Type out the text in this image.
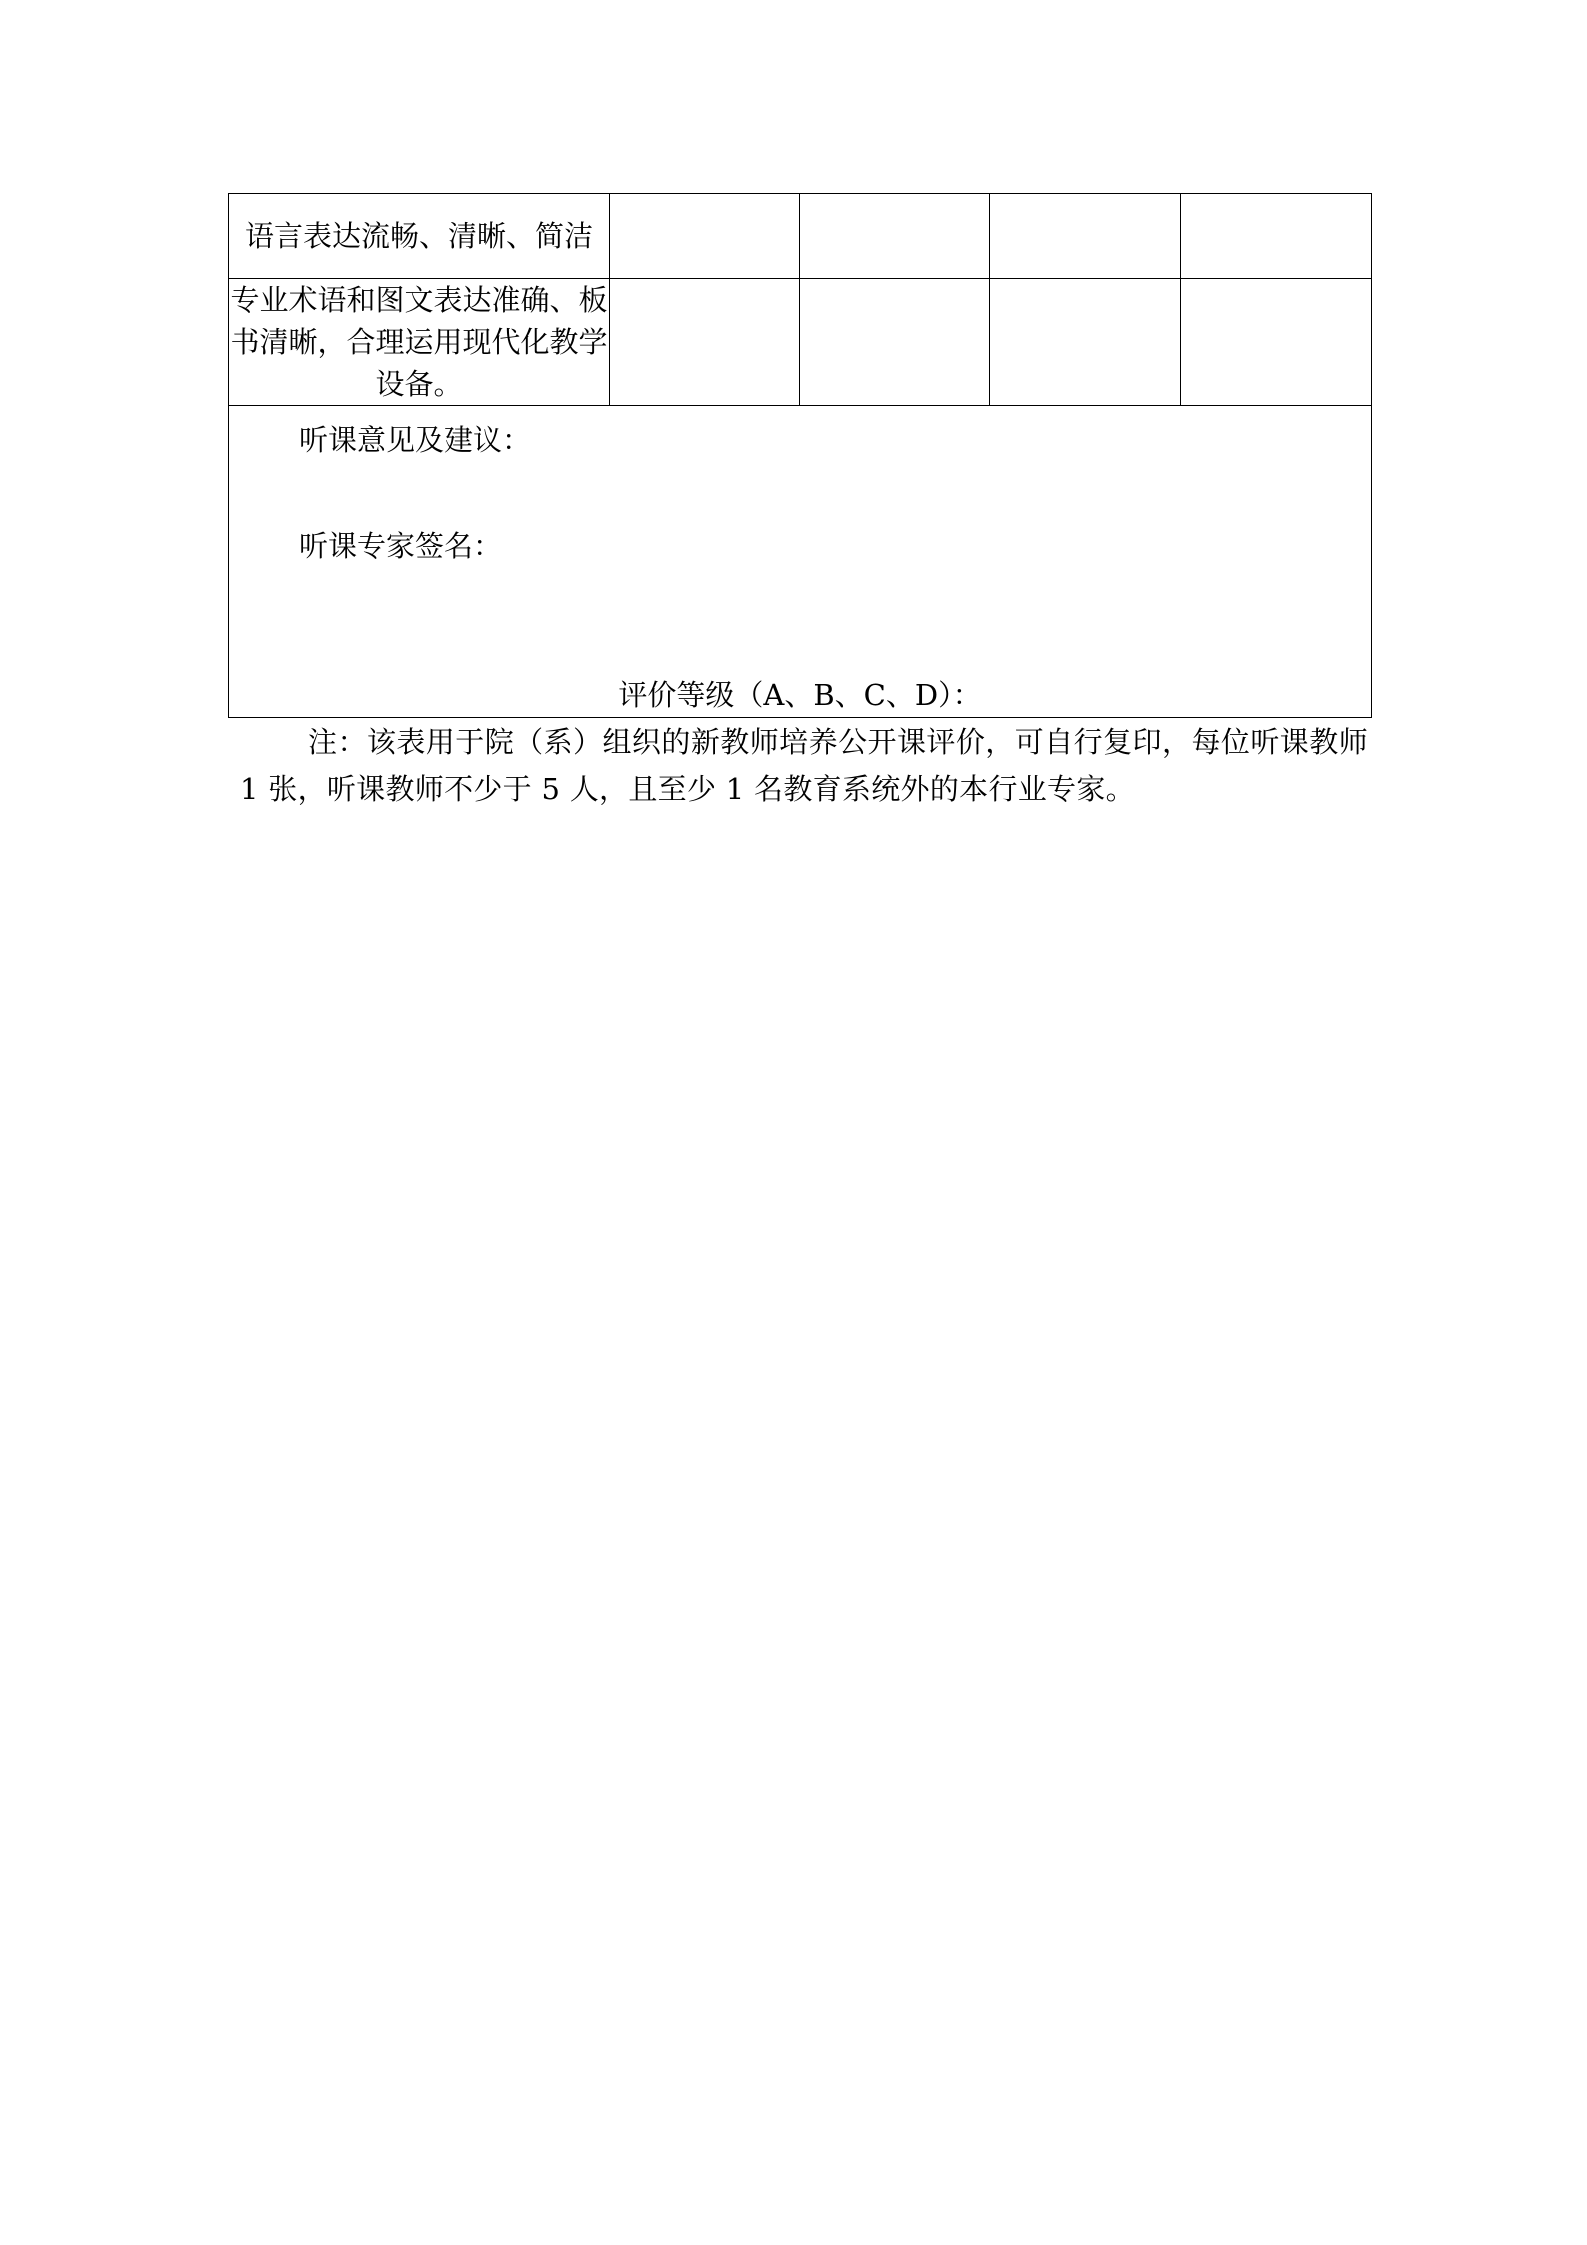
语言表达流畅、清晰、简洁				
专业术语和图文表达准确、板书清晰，合理运用现代化教学设备。				

听课意见及建议：
听课专家签名：
评价等级（A、B、C、D）：				
注：该表用于院（系）组织的新教师培养公开课评价，可自行复印，每位听课教师 1 张，听课教师不少于 5 人，且至少 1 名教育系统外的本行业专家。
